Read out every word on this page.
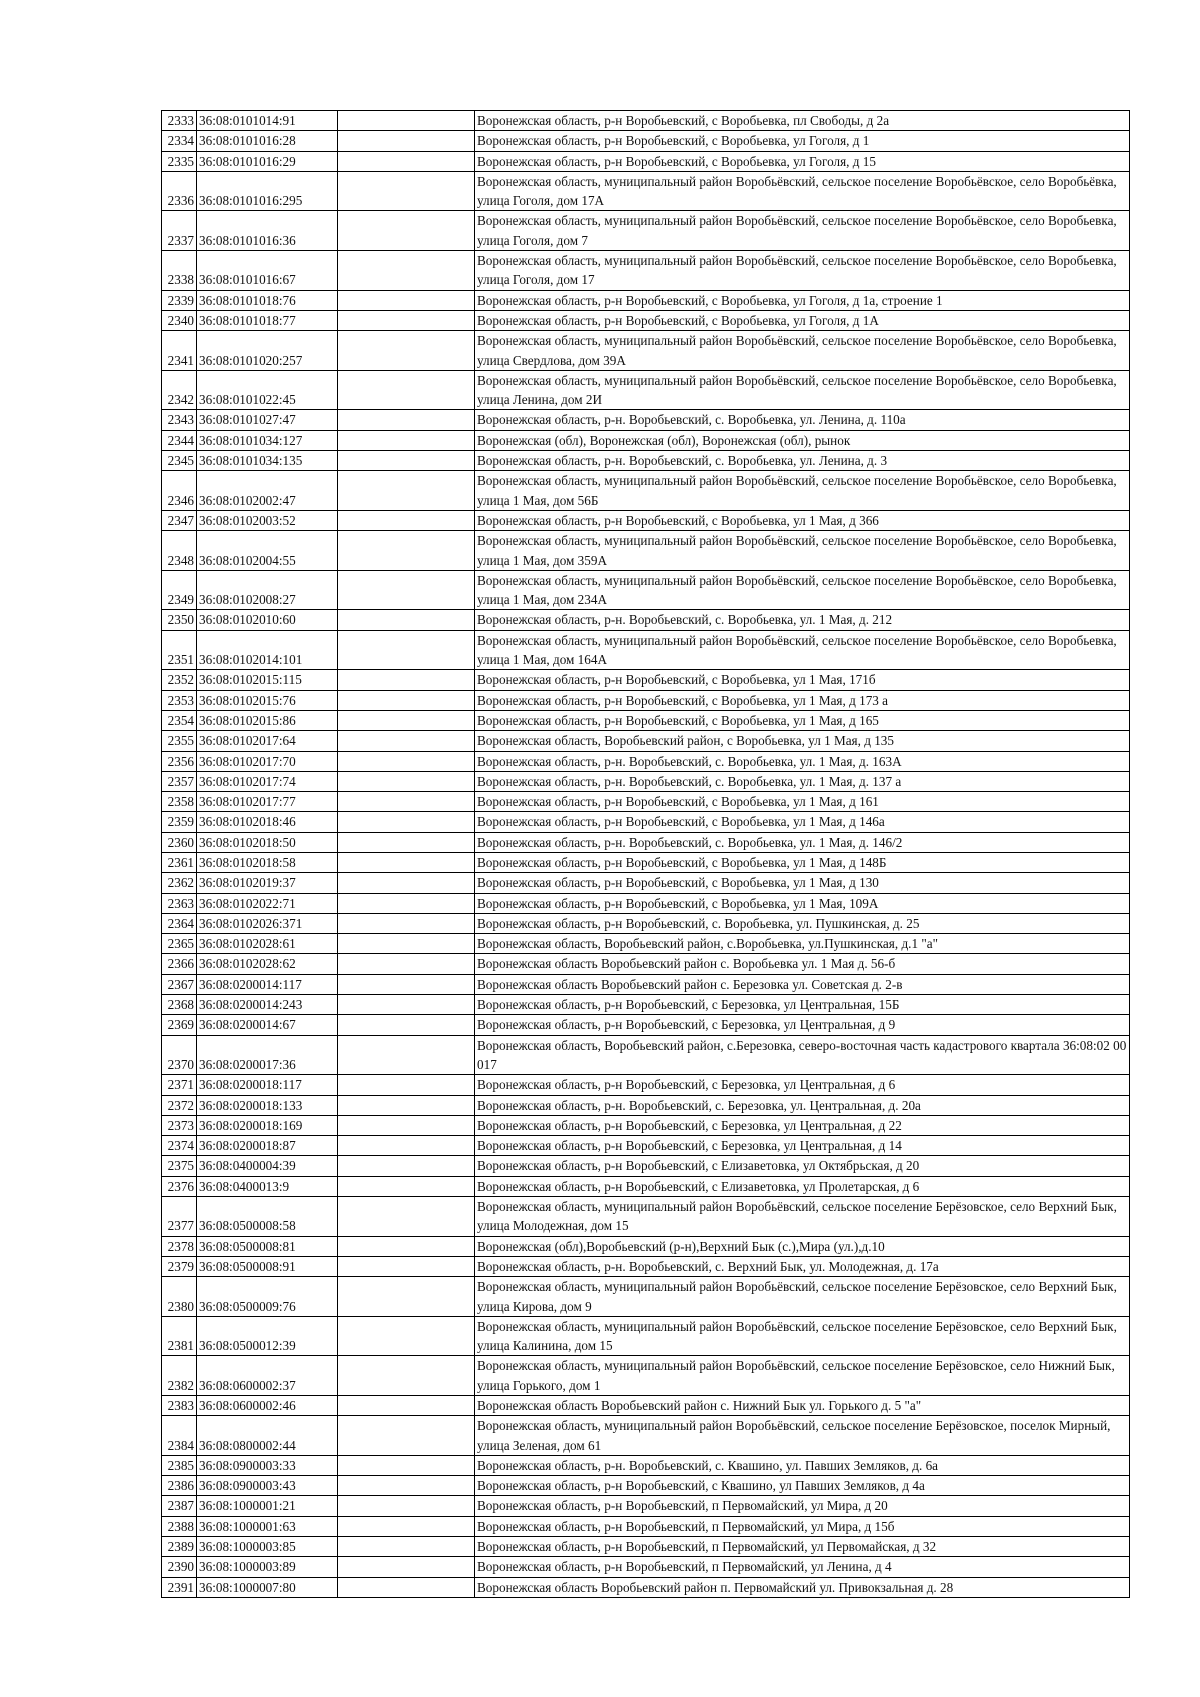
2333	36:08:0101014:91		Воронежская область, р-н Воробьевский, с Воробьевка, пл Свободы, д 2а
2334	36:08:0101016:28		Воронежская область, р-н Воробьевский, с Воробьевка, ул Гоголя, д 1
2335	36:08:0101016:29		Воронежская область, р-н Воробьевский, с Воробьевка, ул Гоголя, д 15
2336	36:08:0101016:295		Воронежская область, муниципальный район Воробьёвский, сельское поселение Воробьёвское, село Воробьёвка, улица Гоголя, дом 17А
2337	36:08:0101016:36		Воронежская область, муниципальный район Воробьёвский, сельское поселение Воробьёвское, село Воробьевка, улица Гоголя, дом 7
2338	36:08:0101016:67		Воронежская область, муниципальный район Воробьёвский, сельское поселение Воробьёвское, село Воробьевка, улица Гоголя, дом 17
2339	36:08:0101018:76		Воронежская область, р-н Воробьевский, с Воробьевка, ул Гоголя, д 1а, строение 1
2340	36:08:0101018:77		Воронежская область, р-н Воробьевский, с Воробьевка, ул Гоголя, д 1А
2341	36:08:0101020:257		Воронежская область, муниципальный район Воробьёвский, сельское поселение Воробьёвское, село Воробьевка, улица Свердлова, дом 39А
2342	36:08:0101022:45		Воронежская область, муниципальный район Воробьёвский, сельское поселение Воробьёвское, село Воробьевка, улица Ленина, дом 2И
2343	36:08:0101027:47		Воронежская область, р-н. Воробьевский, с. Воробьевка, ул. Ленина, д. 110а
2344	36:08:0101034:127		Воронежская (обл), Воронежская (обл), Воронежская (обл), рынок
2345	36:08:0101034:135		Воронежская область, р-н. Воробьевский, с. Воробьевка, ул. Ленина, д. 3
2346	36:08:0102002:47		Воронежская область, муниципальный район Воробьёвский, сельское поселение Воробьёвское, село Воробьевка, улица 1 Мая, дом 56Б
2347	36:08:0102003:52		Воронежская область, р-н Воробьевский, с Воробьевка, ул 1 Мая, д 366
2348	36:08:0102004:55		Воронежская область, муниципальный район Воробьёвский, сельское поселение Воробьёвское, село Воробьевка, улица 1 Мая, дом 359А
2349	36:08:0102008:27		Воронежская область, муниципальный район Воробьёвский, сельское поселение Воробьёвское, село Воробьевка, улица 1 Мая, дом 234А
2350	36:08:0102010:60		Воронежская область, р-н. Воробьевский, с. Воробьевка, ул. 1 Мая, д. 212
2351	36:08:0102014:101		Воронежская область, муниципальный район Воробьёвский, сельское поселение Воробьёвское, село Воробьевка, улица 1 Мая, дом 164А
2352	36:08:0102015:115		Воронежская область, р-н Воробьевский, с Воробьевка, ул 1 Мая, 171б
2353	36:08:0102015:76		Воронежская область, р-н Воробьевский, с Воробьевка, ул 1 Мая, д 173 а
2354	36:08:0102015:86		Воронежская область, р-н Воробьевский, с Воробьевка, ул 1 Мая, д 165
2355	36:08:0102017:64		Воронежская область, Воробьевский район, с Воробьевка, ул 1 Мая, д 135
2356	36:08:0102017:70		Воронежская область, р-н. Воробьевский, с. Воробьевка, ул. 1 Мая, д. 163А
2357	36:08:0102017:74		Воронежская область, р-н. Воробьевский, с. Воробьевка, ул. 1 Мая, д. 137 а
2358	36:08:0102017:77		Воронежская область, р-н Воробьевский, с Воробьевка, ул 1 Мая, д 161
2359	36:08:0102018:46		Воронежская область, р-н Воробьевский, с Воробьевка, ул 1 Мая, д 146а
2360	36:08:0102018:50		Воронежская область, р-н. Воробьевский, с. Воробьевка, ул. 1 Мая, д. 146/2
2361	36:08:0102018:58		Воронежская область, р-н Воробьевский, с Воробьевка, ул 1 Мая, д 148Б
2362	36:08:0102019:37		Воронежская область, р-н Воробьевский, с Воробьевка, ул 1 Мая, д 130
2363	36:08:0102022:71		Воронежская область, р-н Воробьевский, с Воробьевка, ул 1 Мая, 109А
2364	36:08:0102026:371		Воронежская область, р-н Воробьевский, с. Воробьевка, ул. Пушкинская, д. 25
2365	36:08:0102028:61		Воронежская область, Воробьевский район, с.Воробьевка, ул.Пушкинская, д.1 "а"
2366	36:08:0102028:62		Воронежская область Воробьевский район с. Воробьевка ул. 1 Мая д. 56-б
2367	36:08:0200014:117		Воронежская область Воробьевский район с. Березовка ул. Советская д. 2-в
2368	36:08:0200014:243		Воронежская область, р-н Воробьевский, с Березовка, ул Центральная, 15Б
2369	36:08:0200014:67		Воронежская область, р-н Воробьевский, с Березовка, ул Центральная, д 9
2370	36:08:0200017:36		Воронежская область, Воробьевский район, с.Березовка, северо-восточная часть кадастрового квартала 36:08:02 00 017
2371	36:08:0200018:117		Воронежская область, р-н Воробьевский, с Березовка, ул Центральная, д 6
2372	36:08:0200018:133		Воронежская область, р-н. Воробьевский, с. Березовка, ул. Центральная, д. 20а
2373	36:08:0200018:169		Воронежская область, р-н Воробьевский, с Березовка, ул Центральная, д 22
2374	36:08:0200018:87		Воронежская область, р-н Воробьевский, с Березовка, ул Центральная, д 14
2375	36:08:0400004:39		Воронежская область, р-н Воробьевский, с Елизаветовка, ул Октябрьская, д 20
2376	36:08:0400013:9		Воронежская область, р-н Воробьевский, с Елизаветовка, ул Пролетарская, д 6
2377	36:08:0500008:58		Воронежская область, муниципальный район Воробьёвский, сельское поселение Берёзовское, село Верхний Бык, улица Молодежная, дом 15
2378	36:08:0500008:81		Воронежская (обл),Воробьевский (р-н),Верхний Бык (с.),Мира (ул.),д.10
2379	36:08:0500008:91		Воронежская область, р-н. Воробьевский, с. Верхний Бык, ул. Молодежная, д. 17а
2380	36:08:0500009:76		Воронежская область, муниципальный район Воробьёвский, сельское поселение Берёзовское, село Верхний Бык, улица Кирова, дом 9
2381	36:08:0500012:39		Воронежская область, муниципальный район Воробьёвский, сельское поселение Берёзовское, село Верхний Бык, улица Калинина, дом 15
2382	36:08:0600002:37		Воронежская область, муниципальный район Воробьёвский, сельское поселение Берёзовское, село Нижний Бык, улица Горького, дом 1
2383	36:08:0600002:46		Воронежская область Воробьевский район с. Нижний Бык ул. Горького д. 5 "а"
2384	36:08:0800002:44		Воронежская область, муниципальный район Воробьёвский, сельское поселение Берёзовское, поселок Мирный, улица Зеленая, дом 61
2385	36:08:0900003:33		Воронежская область, р-н. Воробьевский, с. Квашино, ул. Павших Земляков, д. 6а
2386	36:08:0900003:43		Воронежская область, р-н Воробьевский, с Квашино, ул Павших Земляков, д 4а
2387	36:08:1000001:21		Воронежская область, р-н Воробьевский, п Первомайский, ул Мира, д 20
2388	36:08:1000001:63		Воронежская область, р-н Воробьевский, п Первомайский, ул Мира, д 15б
2389	36:08:1000003:85		Воронежская область, р-н Воробьевский, п Первомайский, ул Первомайская, д 32
2390	36:08:1000003:89		Воронежская область, р-н Воробьевский, п Первомайский, ул Ленина, д 4
2391	36:08:1000007:80		Воронежская область Воробьевский район п. Первомайский ул. Привокзальная д. 28
